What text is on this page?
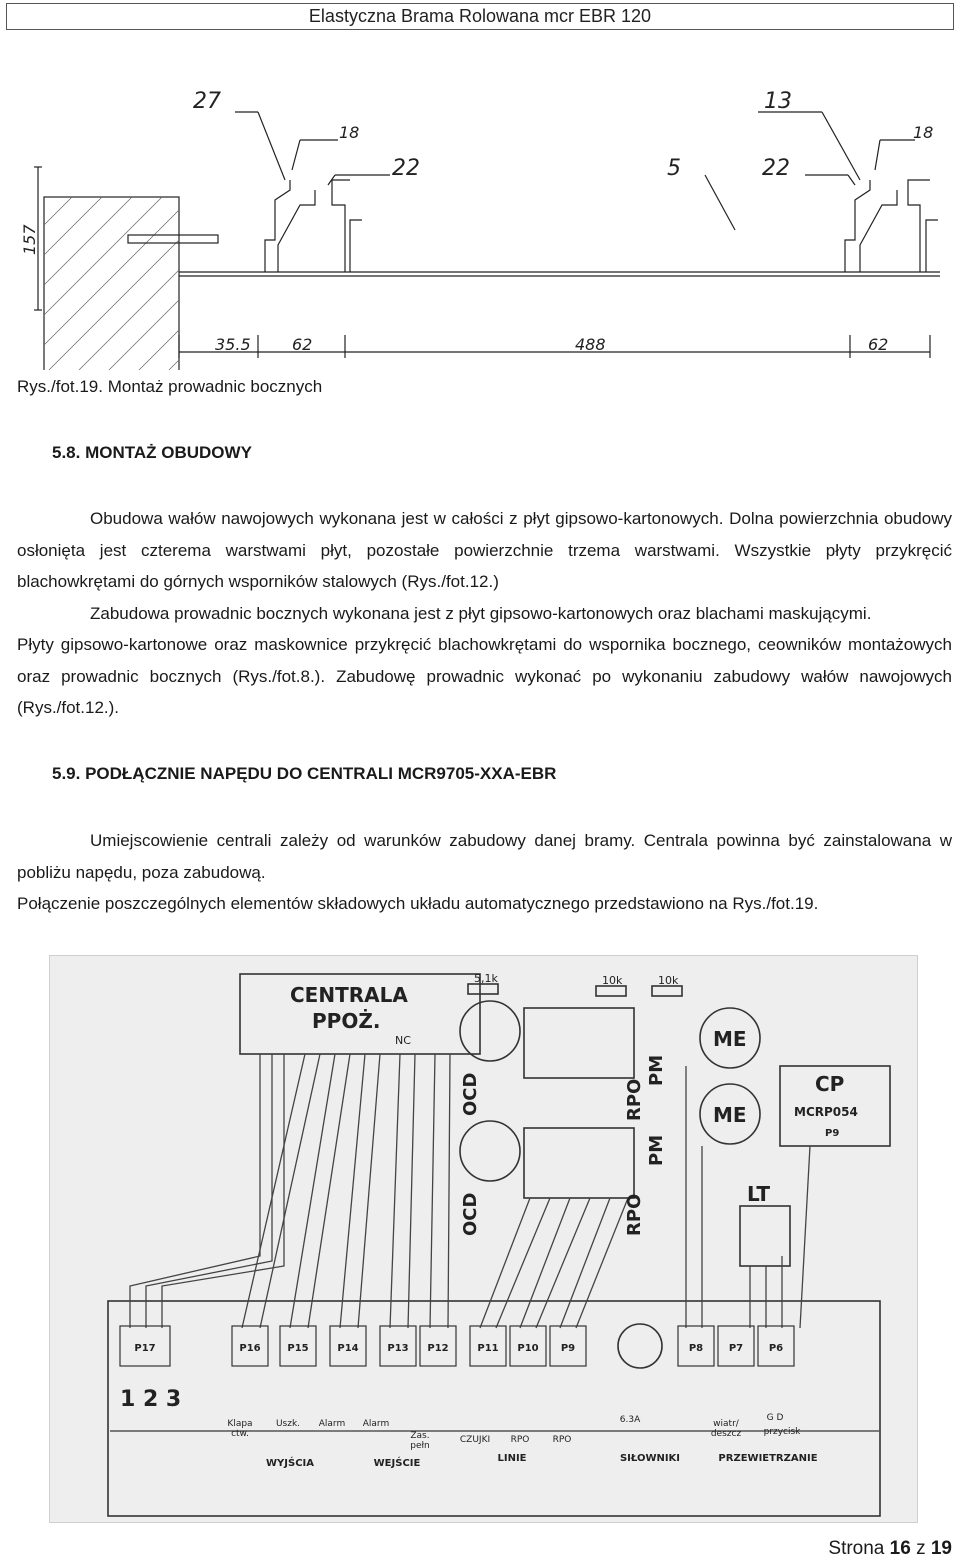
Elastyczna Brama Rolowana mcr EBR 120
27
18
22	5
13
22
18
157
35.5	62	488	62
Rys./fot.19. Montaż prowadnic bocznych
5.8. MONTAŻ OBUDOWY

Obudowa wałów nawojowych wykonana jest w całości z płyt gipsowo-kartonowych. Dolna powierzchnia obudowy osłonięta jest czterema warstwami płyt, pozostałe powierzchnie trzema warstwami. Wszystkie płyty przykręcić blachowkrętami do górnych wsporników stalowych (Rys./fot.12.)

Zabudowa prowadnic bocznych wykonana jest z płyt gipsowo-kartonowych oraz blachami maskującymi.

Płyty gipsowo-kartonowe oraz maskownice przykręcić blachowkrętami do wspornika bocznego, ceowników montażowych oraz prowadnic bocznych (Rys./fot.8.). Zabudowę prowadnic wykonać po wykonaniu zabudowy wałów nawojowych (Rys./fot.12.).

5.9. PODŁĄCZNIE NAPĘDU DO CENTRALI MCR9705-XXA-EBR

Umiejscowienie centrali zależy od warunków zabudowy danej bramy. Centrala powinna być zainstalowana w pobliżu napędu, poza zabudową.

Połączenie poszczególnych elementów składowych układu automatycznego przedstawiono na Rys./fot.19.

CENTRALA
PPOŻ.
NC
5,1k	10k	10k
ME
ME
CP
LT
MCRP054
P9
OCD
OCD
RPO
RPO
PM
PM
P17	P16	P15	P14	P13 P12	P11 P10 P9	P8	P7	P6
1 2 3
Klapa
ctw.
Uszk. Alarm Alarm
Zas.
pełn
CZUJKI RPO	RPO
6.3A	wiatr/
deszcz
G D
przycisk
WYJŚCIA	WEJŚCIE	LINIE	SIŁOWNIKI	PRZEWIETRZANIE
Strona 16 z 19
